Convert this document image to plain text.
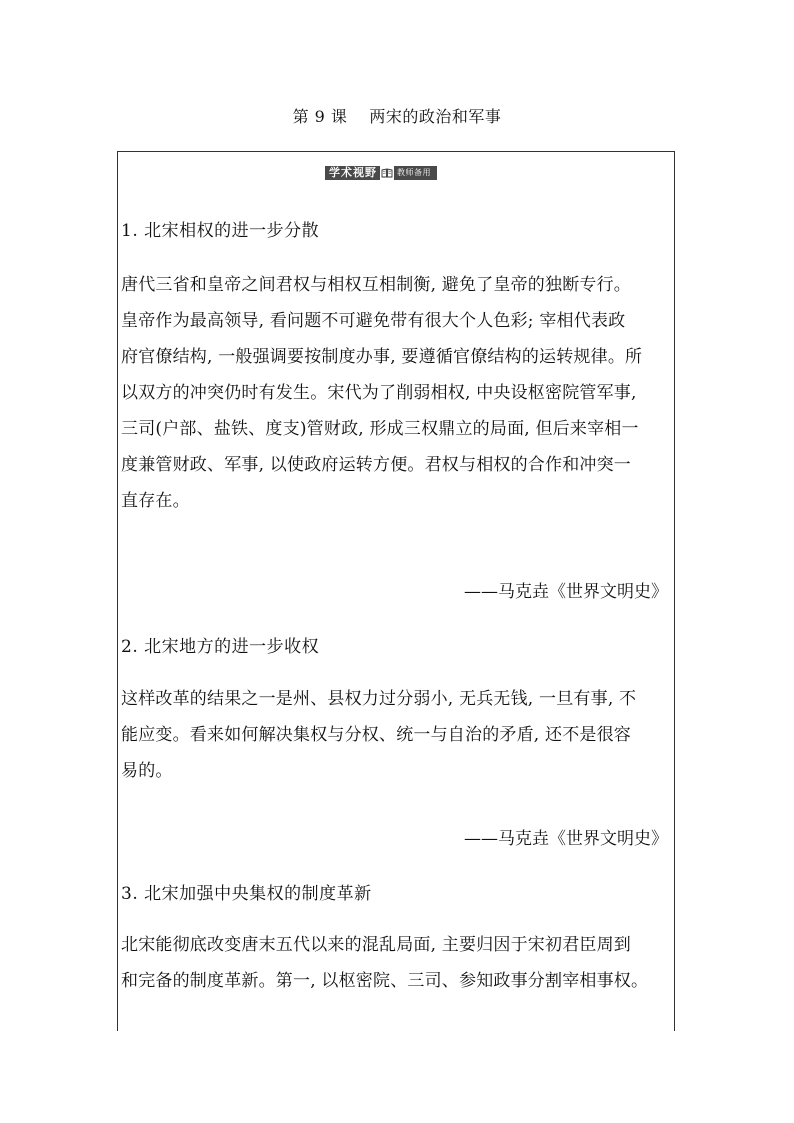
第 9 课 两宋的政治和军事
学术视野	教师备用
1. 北宋相权的进一步分散
唐代三省和皇帝之间君权与相权互相制衡, 避免了皇帝的独断专行。
皇帝作为最高领导, 看问题不可避免带有很大个人色彩; 宰相代表政
府官僚结构, 一般强调要按制度办事, 要遵循官僚结构的运转规律。所
以双方的冲突仍时有发生。宋代为了削弱相权, 中央设枢密院管军事,
三司(户部、盐铁、度支)管财政, 形成三权鼎立的局面, 但后来宰相一
度兼管财政、军事, 以使政府运转方便。君权与相权的合作和冲突一
直存在。
——马克垚《世界文明史》
2. 北宋地方的进一步收权
这样改革的结果之一是州、县权力过分弱小, 无兵无钱, 一旦有事, 不
能应变。看来如何解决集权与分权、统一与自治的矛盾, 还不是很容
易的。
——马克垚《世界文明史》
3. 北宋加强中央集权的制度革新
北宋能彻底改变唐末五代以来的混乱局面, 主要归因于宋初君臣周到
和完备的制度革新。第一, 以枢密院、三司、参知政事分割宰相事权。
